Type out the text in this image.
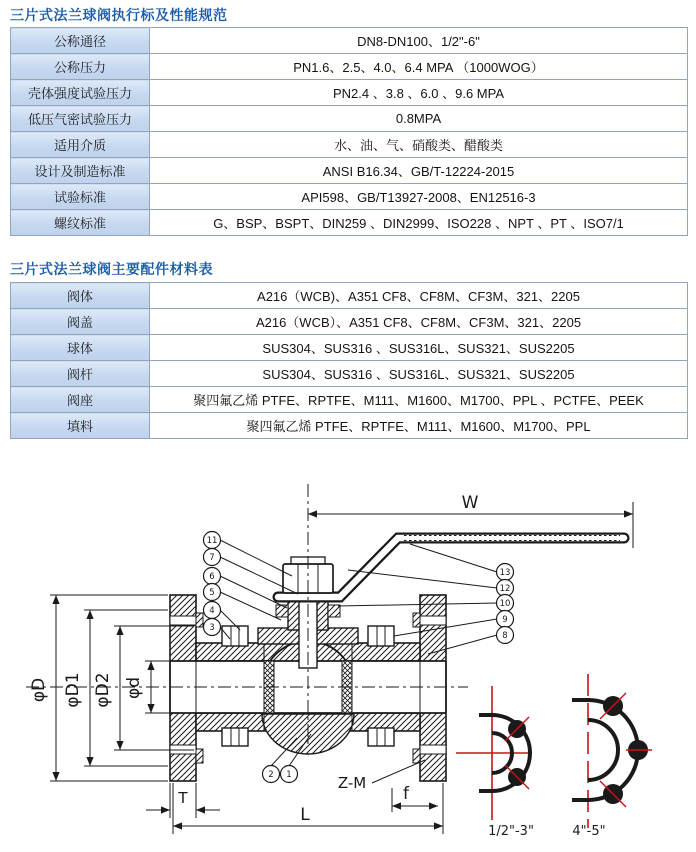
三片式法兰球阀执行标及性能规范
公称通径	DN8-DN100、1/2"-6"
公称压力	PN1.6、2.5、4.0、6.4 MPA （1000WOG）
壳体强度试验压力	PN2.4 、3.8 、6.0 、9.6 MPA
低压气密试验压力	0.8MPA
适用介质	水、油、气、硝酸类、醋酸类
设计及制造标准	ANSI B16.34、GB/T-12224-2015
试验标准	API598、GB/T13927-2008、EN12516-3
螺纹标准	G、BSP、BSPT、DIN259 、DIN2999、ISO228 、NPT 、PT 、ISO7/1
三片式法兰球阀主要配件材料表
阀体	A216（WCB)、A351 CF8、CF8M、CF3M、321、2205
阀盖	A216（WCB）、A351 CF8、CF8M、CF3M、321、2205
球体	SUS304、SUS316 、SUS316L、SUS321、SUS2205
阀杆	SUS304、SUS316 、SUS316L、SUS321、SUS2205
阀座	聚四氟乙烯 PTFE、RPTFE、M111、M1600、M1700、PPL 、PCTFE、PEEK
填料	聚四氟乙烯 PTFE、RPTFE、M111、M1600、M1700、PPL
W
φD φD1 φD2 φd
T
L
f
Z-M
11
7
6
5
4
3
13
12
10
9
8
2 1
1/2"-3"	4"-5"
